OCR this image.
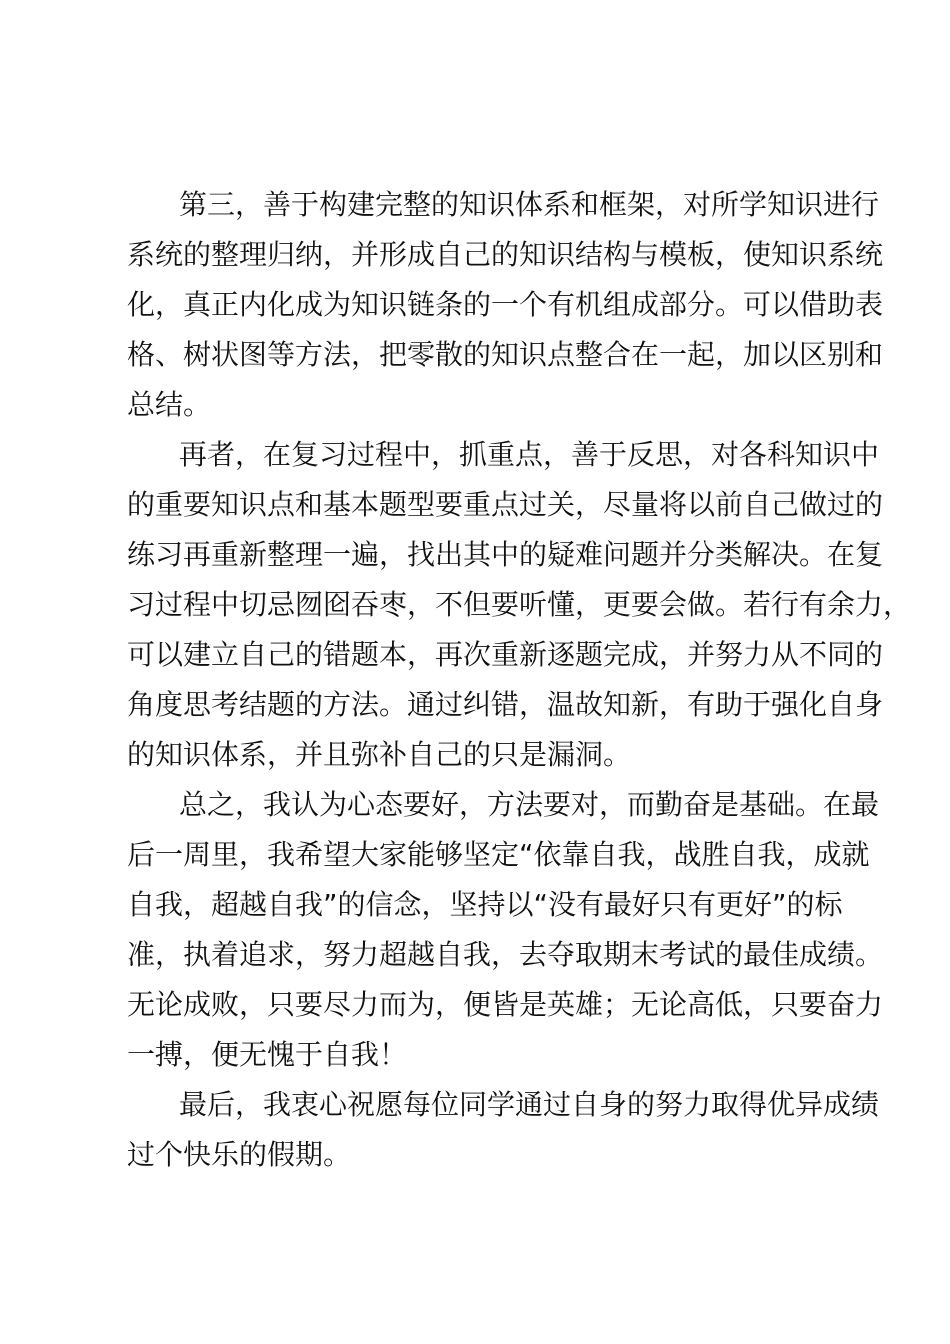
第三，善于构建完整的知识体系和框架，对所学知识进行
系统的整理归纳，并形成自己的知识结构与模板，使知识系统
化，真正内化成为知识链条的一个有机组成部分。可以借助表
格、树状图等方法，把零散的知识点整合在一起，加以区别和
总结。
再者，在复习过程中，抓重点，善于反思，对各科知识中
的重要知识点和基本题型要重点过关，尽量将以前自己做过的
练习再重新整理一遍，找出其中的疑难问题并分类解决。在复
习过程中切忌囫囵吞枣，不但要听懂，更要会做。若行有余力，
可以建立自己的错题本，再次重新逐题完成，并努力从不同的
角度思考结题的方法。通过纠错，温故知新，有助于强化自身
的知识体系，并且弥补自己的只是漏洞。
总之，我认为心态要好，方法要对，而勤奋是基础。在最
后一周里，我希望大家能够坚定“依靠自我，战胜自我，成就
自我，超越自我”的信念，坚持以“没有最好只有更好”的标
准，执着追求，努力超越自我，去夺取期末考试的最佳成绩。
无论成败，只要尽力而为，便皆是英雄；无论高低，只要奋力
一搏，便无愧于自我！
最后，我衷心祝愿每位同学通过自身的努力取得优异成绩
过个快乐的假期。
